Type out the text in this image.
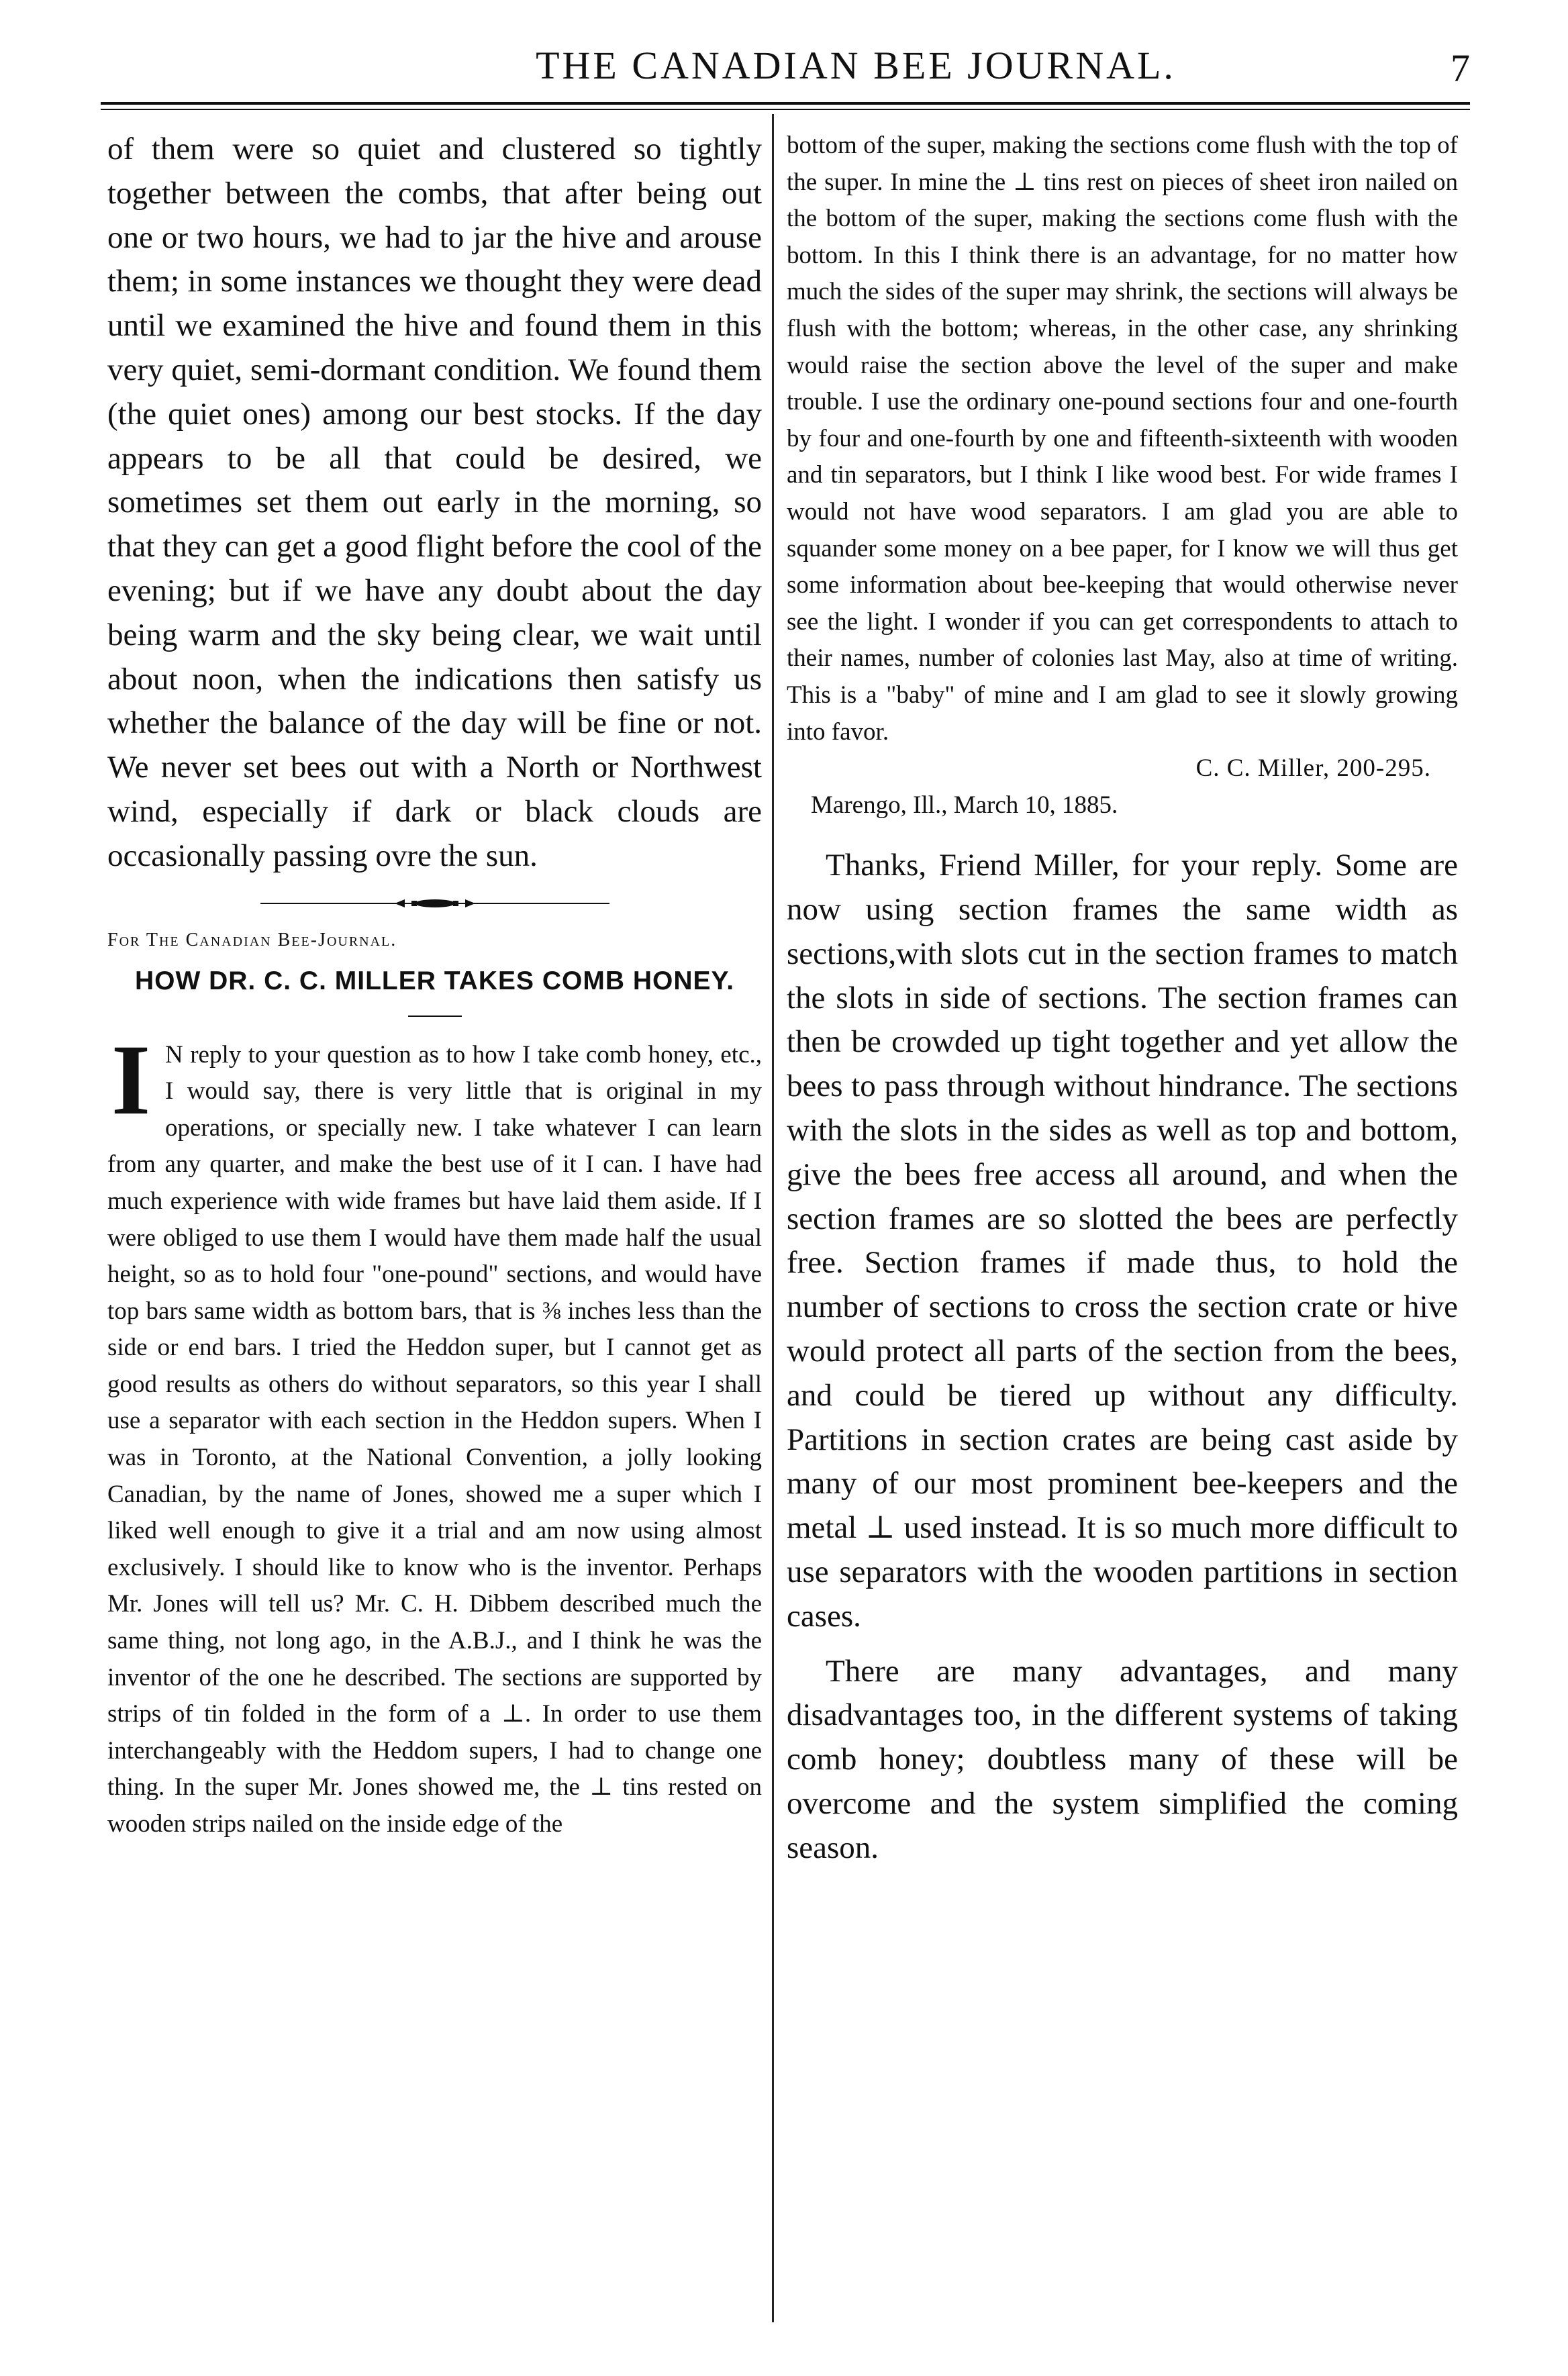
THE CANADIAN BEE JOURNAL.	7

of them were so quiet and clustered so tightly together between the combs, that after being out one or two hours, we had to jar the hive and arouse them; in some instances we thought they were dead until we examined the hive and found them in this very quiet, semi-dormant condition. We found them (the quiet ones) among our best stocks. If the day appears to be all that could be desired, we sometimes set them out early in the morning, so that they can get a good flight before the cool of the evening; but if we have any doubt about the day being warm and the sky being clear, we wait until about noon, when the indications then satisfy us whether the balance of the day will be fine or not. We never set bees out with a North or Northwest wind, especially if dark or black clouds are occasionally passing ovre the sun.

For The Canadian Bee-Journal.

HOW DR. C. C. MILLER TAKES COMB HONEY.

I N reply to your question as to how I take comb honey, etc., I would say, there is very little that is original in my operations, or specially new. I take whatever I can learn from any quarter, and make the best use of it I can. I have had much experience with wide frames but have laid them aside. If I were obliged to use them I would have them made half the usual height, so as to hold four "one-pound" sections, and would have top bars same width as bottom bars, that is ⅜ inches less than the side or end bars. I tried the Heddon super, but I cannot get as good results as others do without separators, so this year I shall use a separator with each section in the Heddon supers. When I was in Toronto, at the National Convention, a jolly looking Canadian, by the name of Jones, showed me a super which I liked well enough to give it a trial and am now using almost exclusively. I should like to know who is the inventor. Perhaps Mr. Jones will tell us? Mr. C. H. Dibbem described much the same thing, not long ago, in the A.B.J., and I think he was the inventor of the one he described. The sections are supported by strips of tin folded in the form of a ⊥. In order to use them interchangeably with the Heddom supers, I had to change one thing. In the super Mr. Jones showed me, the ⊥ tins rested on wooden strips nailed on the inside edge of the

bottom of the super, making the sections come flush with the top of the super. In mine the ⊥ tins rest on pieces of sheet iron nailed on the bottom of the super, making the sections come flush with the bottom. In this I think there is an advantage, for no matter how much the sides of the super may shrink, the sections will always be flush with the bottom; whereas, in the other case, any shrinking would raise the section above the level of the super and make trouble. I use the ordinary one-pound sections four and one-fourth by four and one-fourth by one and fifteenth-sixteenth with wooden and tin separators, but I think I like wood best. For wide frames I would not have wood separators. I am glad you are able to squander some money on a bee paper, for I know we will thus get some information about bee-keeping that would otherwise never see the light. I wonder if you can get correspondents to attach to their names, number of colonies last May, also at time of writing. This is a "baby" of mine and I am glad to see it slowly growing into favor.

C. C. Miller, 200-295.

Marengo, Ill., March 10, 1885.

Thanks, Friend Miller, for your reply. Some are now using section frames the same width as sections,with slots cut in the section frames to match the slots in side of sections. The section frames can then be crowded up tight together and yet allow the bees to pass through without hindrance. The sections with the slots in the sides as well as top and bottom, give the bees free access all around, and when the section frames are so slotted the bees are perfectly free. Section frames if made thus, to hold the number of sections to cross the section crate or hive would protect all parts of the section from the bees, and could be tiered up without any difficulty. Partitions in section crates are being cast aside by many of our most prominent bee-keepers and the metal ⊥ used instead. It is so much more difficult to use separators with the wooden partitions in section cases.

There are many advantages, and many disadvantages too, in the different systems of taking comb honey; doubtless many of these will be overcome and the system simplified the coming season.
